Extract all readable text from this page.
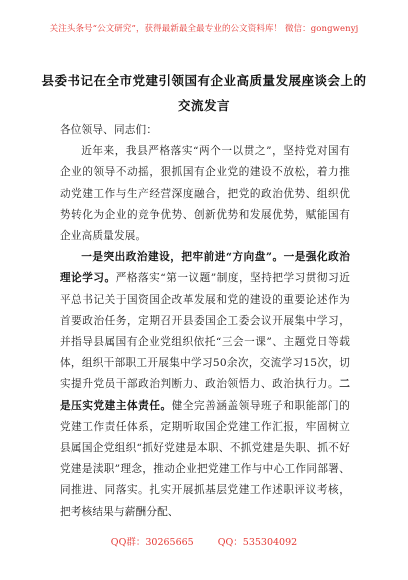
关注头条号“公文研究”，获得最新最全最专业的公文资料库！ 微信：gongwenyj
县委书记在全市党建引领国有企业高质量发展座谈会上的
交流发言

各位领导、同志们：

近年来，我县严格落实“两个一以贯之”，坚持党对国有企业的领导不动摇，狠抓国有企业党的建设不放松，着力推动党建工作与生产经营深度融合，把党的政治优势、组织优势转化为企业的竞争优势、创新优势和发展优势，赋能国有企业高质量发展。

一是突出政治建设，把牢前进“方向盘”。一是强化政治理论学习。严格落实“第一议题”制度，坚持把学习贯彻习近平总书记关于国资国企改革发展和党的建设的重要论述作为首要政治任务，定期召开县委国企工委会议开展集中学习，并指导县属国有企业党组织依托“三会一课”、主题党日等载体，组织干部职工开展集中学习50余次，交流学习15次，切实提升党员干部政治判断力、政治领悟力、政治执行力。二是压实党建主体责任。健全完善涵盖领导班子和职能部门的党建工作责任体系，定期听取国企党建工作汇报，牢固树立县属国企党组织“抓好党建是本职、不抓党建是失职、抓不好党建是渎职”理念，推动企业把党建工作与中心工作同部署、同推进、同落实。扎实开展抓基层党建工作述职评议考核，把考核结果与薪酬分配、

QQ群：30265665	QQ：535304092
